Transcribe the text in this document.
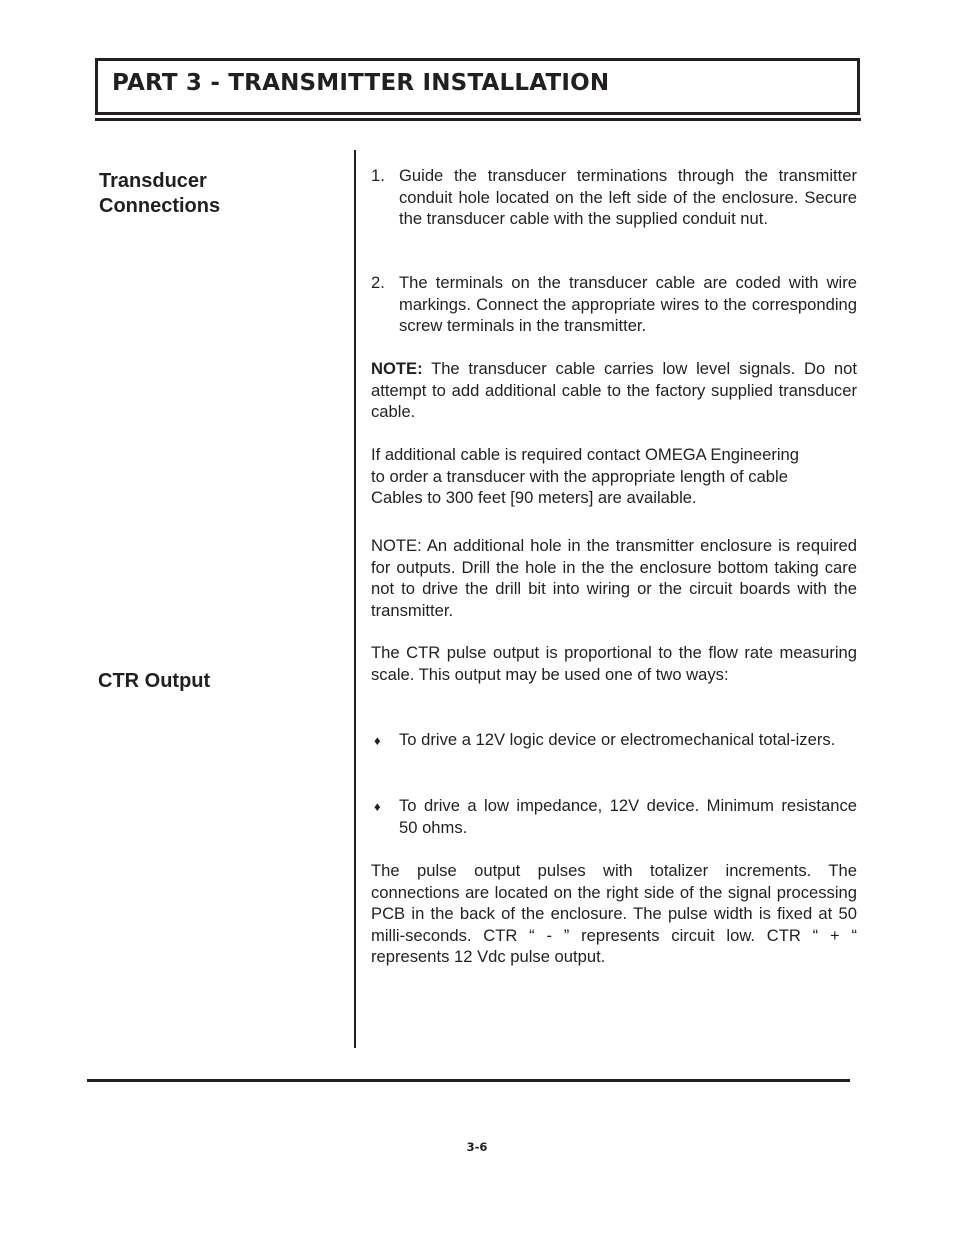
PART 3 - TRANSMITTER INSTALLATION
Transducer
Connections
CTR Output
1. Guide the transducer terminations through the transmitter conduit hole located on the left side of the enclosure. Secure the transducer cable with the supplied conduit nut.
2. The terminals on the transducer cable are coded with wire markings. Connect the appropriate wires to the corresponding screw terminals in the transmitter.

NOTE: The transducer cable carries low level signals. Do not attempt to add additional cable to the factory supplied transducer cable.

If additional cable is required contact OMEGA Engineering
to order a transducer with the appropriate length of cable
Cables to 300 feet [90 meters] are available.

NOTE: An additional hole in the transmitter enclosure is required for outputs. Drill the hole in the the enclosure bottom taking care not to drive the drill bit into wiring or the circuit boards with the transmitter.

The CTR pulse output is proportional to the flow rate measuring scale. This output may be used one of two ways:

♦ To drive a 12V logic device or electromechanical total-izers.
♦ To drive a low impedance, 12V device. Minimum resistance 50 ohms.

The pulse output pulses with totalizer increments. The connections are located on the right side of the signal processing PCB in the back of the enclosure. The pulse width is fixed at 50 milli-seconds. CTR “ - ” represents circuit low. CTR “ + “ represents 12 Vdc pulse output.

3-6
